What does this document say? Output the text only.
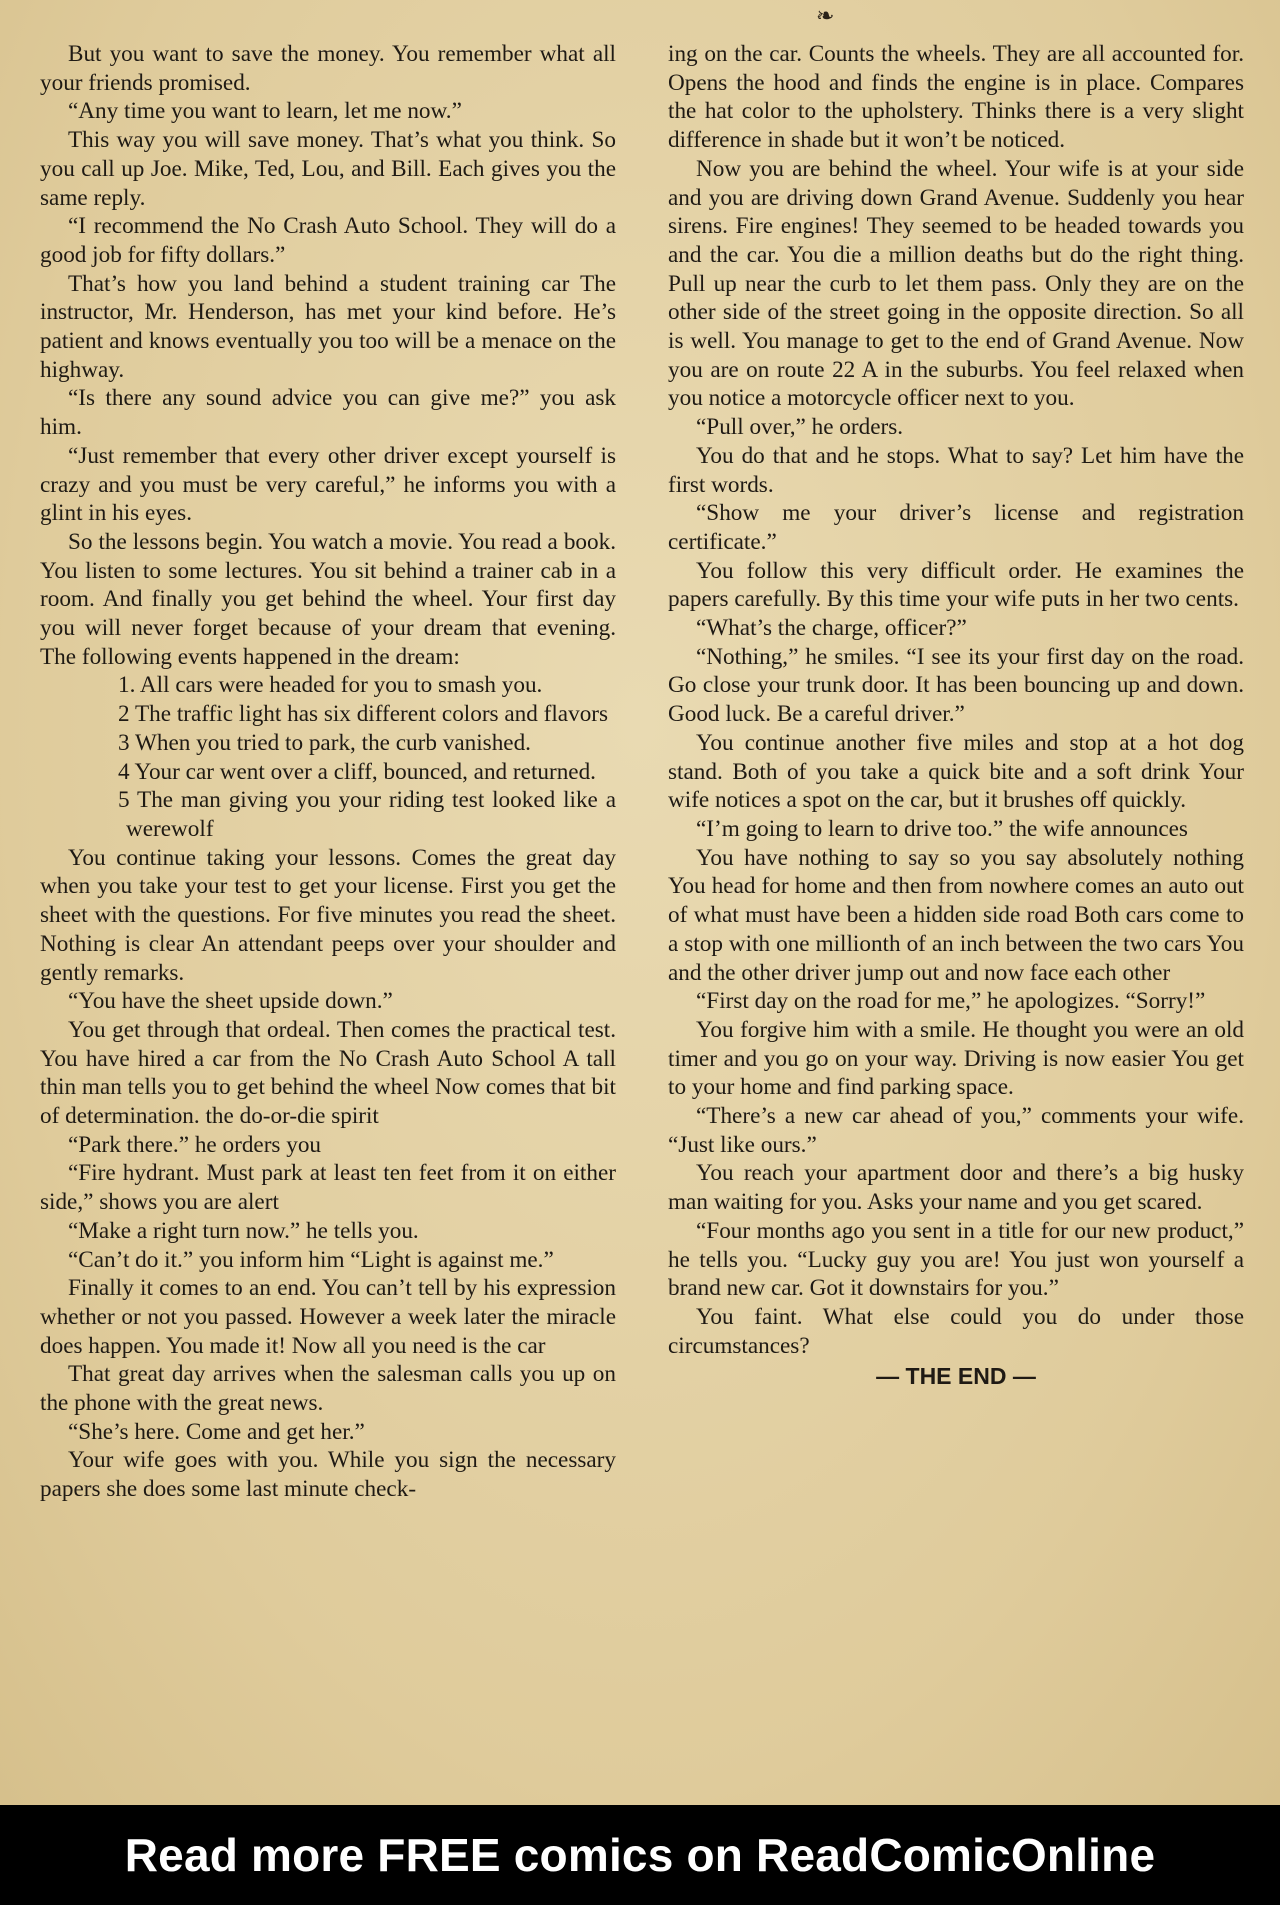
❧

But you want to save the money. You remember what all your friends promised.

“Any time you want to learn, let me now.”

This way you will save money. That’s what you think. So you call up Joe. Mike, Ted, Lou, and Bill. Each gives you the same reply.

“I recommend the No Crash Auto School. They will do a good job for fifty dollars.”

That’s how you land behind a student training car The instructor, Mr. Henderson, has met your kind before. He’s patient and knows eventually you too will be a menace on the highway.

“Is there any sound advice you can give me?” you ask him.

“Just remember that every other driver except yourself is crazy and you must be very careful,” he informs you with a glint in his eyes.

So the lessons begin. You watch a movie. You read a book. You listen to some lectures. You sit behind a trainer cab in a room. And finally you get behind the wheel. Your first day you will never forget because of your dream that evening. The following events happened in the dream:

1. All cars were headed for you to smash you.

2 The traffic light has six different colors and flavors

3 When you tried to park, the curb vanished.

4 Your car went over a cliff, bounced, and returned.

5 The man giving you your riding test looked like a werewolf

You continue taking your lessons. Comes the great day when you take your test to get your license. First you get the sheet with the questions. For five minutes you read the sheet. Nothing is clear An attendant peeps over your shoulder and gently remarks.

“You have the sheet upside down.”

You get through that ordeal. Then comes the practical test. You have hired a car from the No Crash Auto School A tall thin man tells you to get behind the wheel Now comes that bit of determination. the do-or-die spirit

“Park there.” he orders you

“Fire hydrant. Must park at least ten feet from it on either side,” shows you are alert

“Make a right turn now.” he tells you.

“Can’t do it.” you inform him “Light is against me.”

Finally it comes to an end. You can’t tell by his expression whether or not you passed. However a week later the miracle does happen. You made it! Now all you need is the car

That great day arrives when the salesman calls you up on the phone with the great news.

“She’s here. Come and get her.”

Your wife goes with you. While you sign the necessary papers she does some last minute check-

ing on the car. Counts the wheels. They are all accounted for. Opens the hood and finds the engine is in place. Compares the hat color to the upholstery. Thinks there is a very slight difference in shade but it won’t be noticed.

Now you are behind the wheel. Your wife is at your side and you are driving down Grand Avenue. Suddenly you hear sirens. Fire engines! They seemed to be headed towards you and the car. You die a million deaths but do the right thing. Pull up near the curb to let them pass. Only they are on the other side of the street going in the opposite direction. So all is well. You manage to get to the end of Grand Avenue. Now you are on route 22 A in the suburbs. You feel relaxed when you notice a motorcycle officer next to you.

“Pull over,” he orders.

You do that and he stops. What to say? Let him have the first words.

“Show me your driver’s license and registration certificate.”

You follow this very difficult order. He examines the papers carefully. By this time your wife puts in her two cents.

“What’s the charge, officer?”

“Nothing,” he smiles. “I see its your first day on the road. Go close your trunk door. It has been bouncing up and down. Good luck. Be a careful driver.”

You continue another five miles and stop at a hot dog stand. Both of you take a quick bite and a soft drink Your wife notices a spot on the car, but it brushes off quickly.

“I’m going to learn to drive too.” the wife announces

You have nothing to say so you say absolutely nothing You head for home and then from nowhere comes an auto out of what must have been a hidden side road Both cars come to a stop with one millionth of an inch between the two cars You and the other driver jump out and now face each other

“First day on the road for me,” he apologizes. “Sorry!”

You forgive him with a smile. He thought you were an old timer and you go on your way. Driving is now easier You get to your home and find parking space.

“There’s a new car ahead of you,” comments your wife. “Just like ours.”

You reach your apartment door and there’s a big husky man waiting for you. Asks your name and you get scared.

“Four months ago you sent in a title for our new product,” he tells you. “Lucky guy you are! You just won yourself a brand new car. Got it downstairs for you.”

You faint. What else could you do under those circumstances?

— THE END —

Read more FREE comics on ReadComicOnline
